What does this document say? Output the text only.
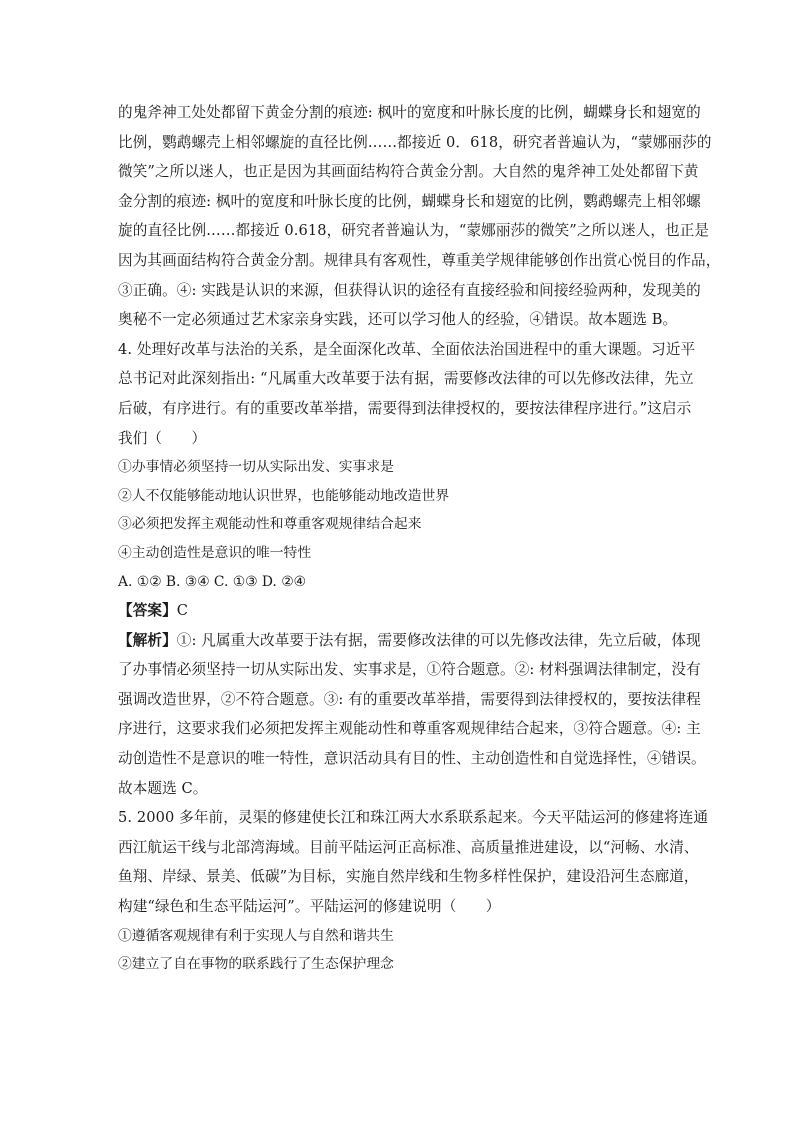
的鬼斧神工处处都留下黄金分割的痕迹: 枫叶的宽度和叶脉长度的比例，蝴蝶身长和翅宽的
比例，鹦鹉螺壳上相邻螺旋的直径比例……都接近 0．618，研究者普遍认为，“蒙娜丽莎的
微笑”之所以迷人，也正是因为其画面结构符合黄金分割。大自然的鬼斧神工处处都留下黄
金分割的痕迹: 枫叶的宽度和叶脉长度的比例，蝴蝶身长和翅宽的比例，鹦鹉螺壳上相邻螺
旋的直径比例……都接近 0.618，研究者普遍认为，“蒙娜丽莎的微笑”之所以迷人，也正是
因为其画面结构符合黄金分割。规律具有客观性，尊重美学规律能够创作出赏心悦目的作品，
③正确。④: 实践是认识的来源，但获得认识的途径有直接经验和间接经验两种，发现美的
奥秘不一定必须通过艺术家亲身实践，还可以学习他人的经验，④错误。故本题选 B。
4. 处理好改革与法治的关系，是全面深化改革、全面依法治国进程中的重大课题。习近平
总书记对此深刻指出: “凡属重大改革要于法有据，需要修改法律的可以先修改法律，先立
后破，有序进行。有的重要改革举措，需要得到法律授权的，要按法律程序进行。”这启示
我们（　　）
①办事情必须坚持一切从实际出发、实事求是
②人不仅能够能动地认识世界，也能够能动地改造世界
③必须把发挥主观能动性和尊重客观规律结合起来
④主动创造性是意识的唯一特性
A. ①② B. ③④ C. ①③ D. ②④
【答案】C
【解析】①: 凡属重大改革要于法有据，需要修改法律的可以先修改法律，先立后破，体现
了办事情必须坚持一切从实际出发、实事求是，①符合题意。②: 材料强调法律制定，没有
强调改造世界，②不符合题意。③: 有的重要改革举措，需要得到法律授权的，要按法律程
序进行，这要求我们必须把发挥主观能动性和尊重客观规律结合起来，③符合题意。④: 主
动创造性不是意识的唯一特性，意识活动具有目的性、主动创造性和自觉选择性，④错误。
故本题选 C。
5. 2000 多年前，灵渠的修建使长江和珠江两大水系联系起来。今天平陆运河的修建将连通
西江航运干线与北部湾海域。目前平陆运河正高标准、高质量推进建设，以“河畅、水清、
鱼翔、岸绿、景美、低碳”为目标，实施自然岸线和生物多样性保护，建设沿河生态廊道，
构建“绿色和生态平陆运河”。平陆运河的修建说明（　　）
①遵循客观规律有利于实现人与自然和谐共生
②建立了自在事物的联系践行了生态保护理念
